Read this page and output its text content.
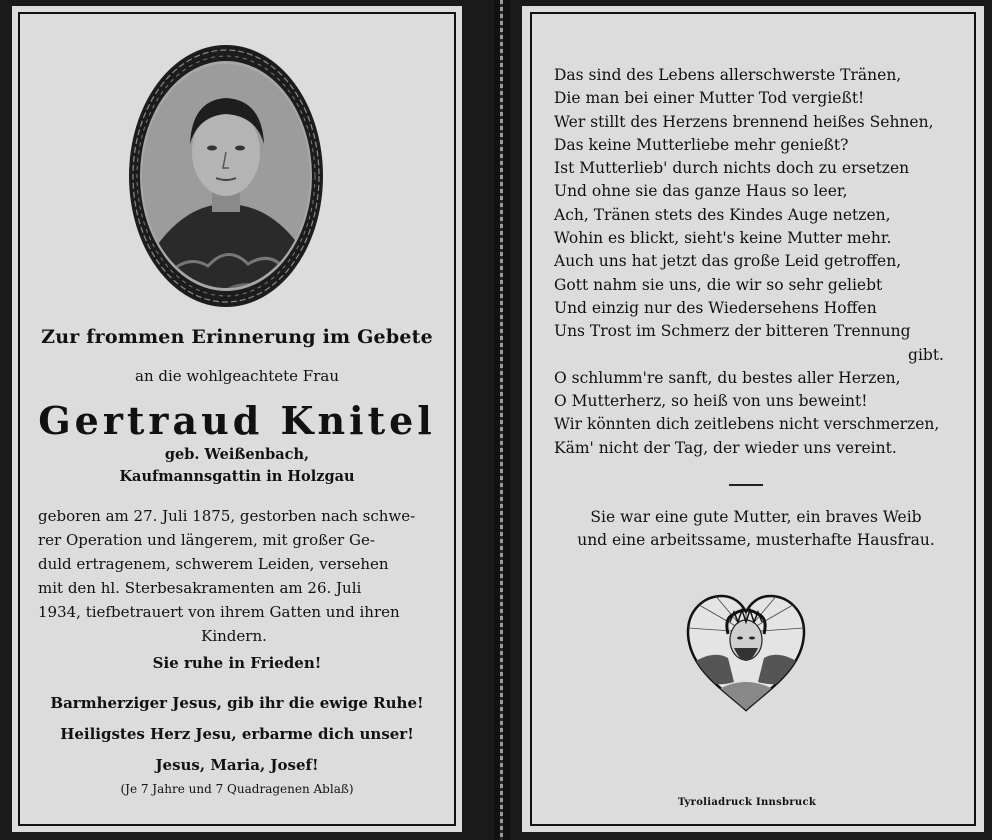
Zur frommen Erinnerung im Gebete
an die wohlgeachtete Frau
Gertraud Knitel
geb. Weißenbach,
Kaufmannsgattin in Holzgau
geboren am 27. Juli 1875, gestorben nach schwe-
rer Operation und längerem, mit großer Ge-
duld ertragenem, schwerem Leiden, versehen
mit den hl. Sterbesakramenten am 26. Juli
1934, tiefbetrauert von ihrem Gatten und ihren
Kindern.
Sie ruhe in Frieden!
Barmherziger Jesus, gib ihr die ewige Ruhe!
Heiligstes Herz Jesu, erbarme dich unser!
Jesus, Maria, Josef!
(Je 7 Jahre und 7 Quadragenen Ablaß)
Das sind des Lebens allerschwerste Tränen,
Die man bei einer Mutter Tod vergießt!
Wer stillt des Herzens brennend heißes Sehnen,
Das keine Mutterliebe mehr genießt?
Ist Mutterlieb' durch nichts doch zu ersetzen
Und ohne sie das ganze Haus so leer,
Ach, Tränen stets des Kindes Auge netzen,
Wohin es blickt, sieht's keine Mutter mehr.
Auch uns hat jetzt das große Leid getroffen,
Gott nahm sie uns, die wir so sehr geliebt
Und einzig nur des Wiedersehens Hoffen
Uns Trost im Schmerz der bitteren Trennung
gibt.
O schlumm're sanft, du bestes aller Herzen,
O Mutterherz, so heiß von uns beweint!
Wir könnten dich zeitlebens nicht verschmerzen,
Käm' nicht der Tag, der wieder uns vereint.
Sie war eine gute Mutter, ein braves Weib
und eine arbeitssame, musterhafte Hausfrau.
Tyroliadruck Innsbruck
